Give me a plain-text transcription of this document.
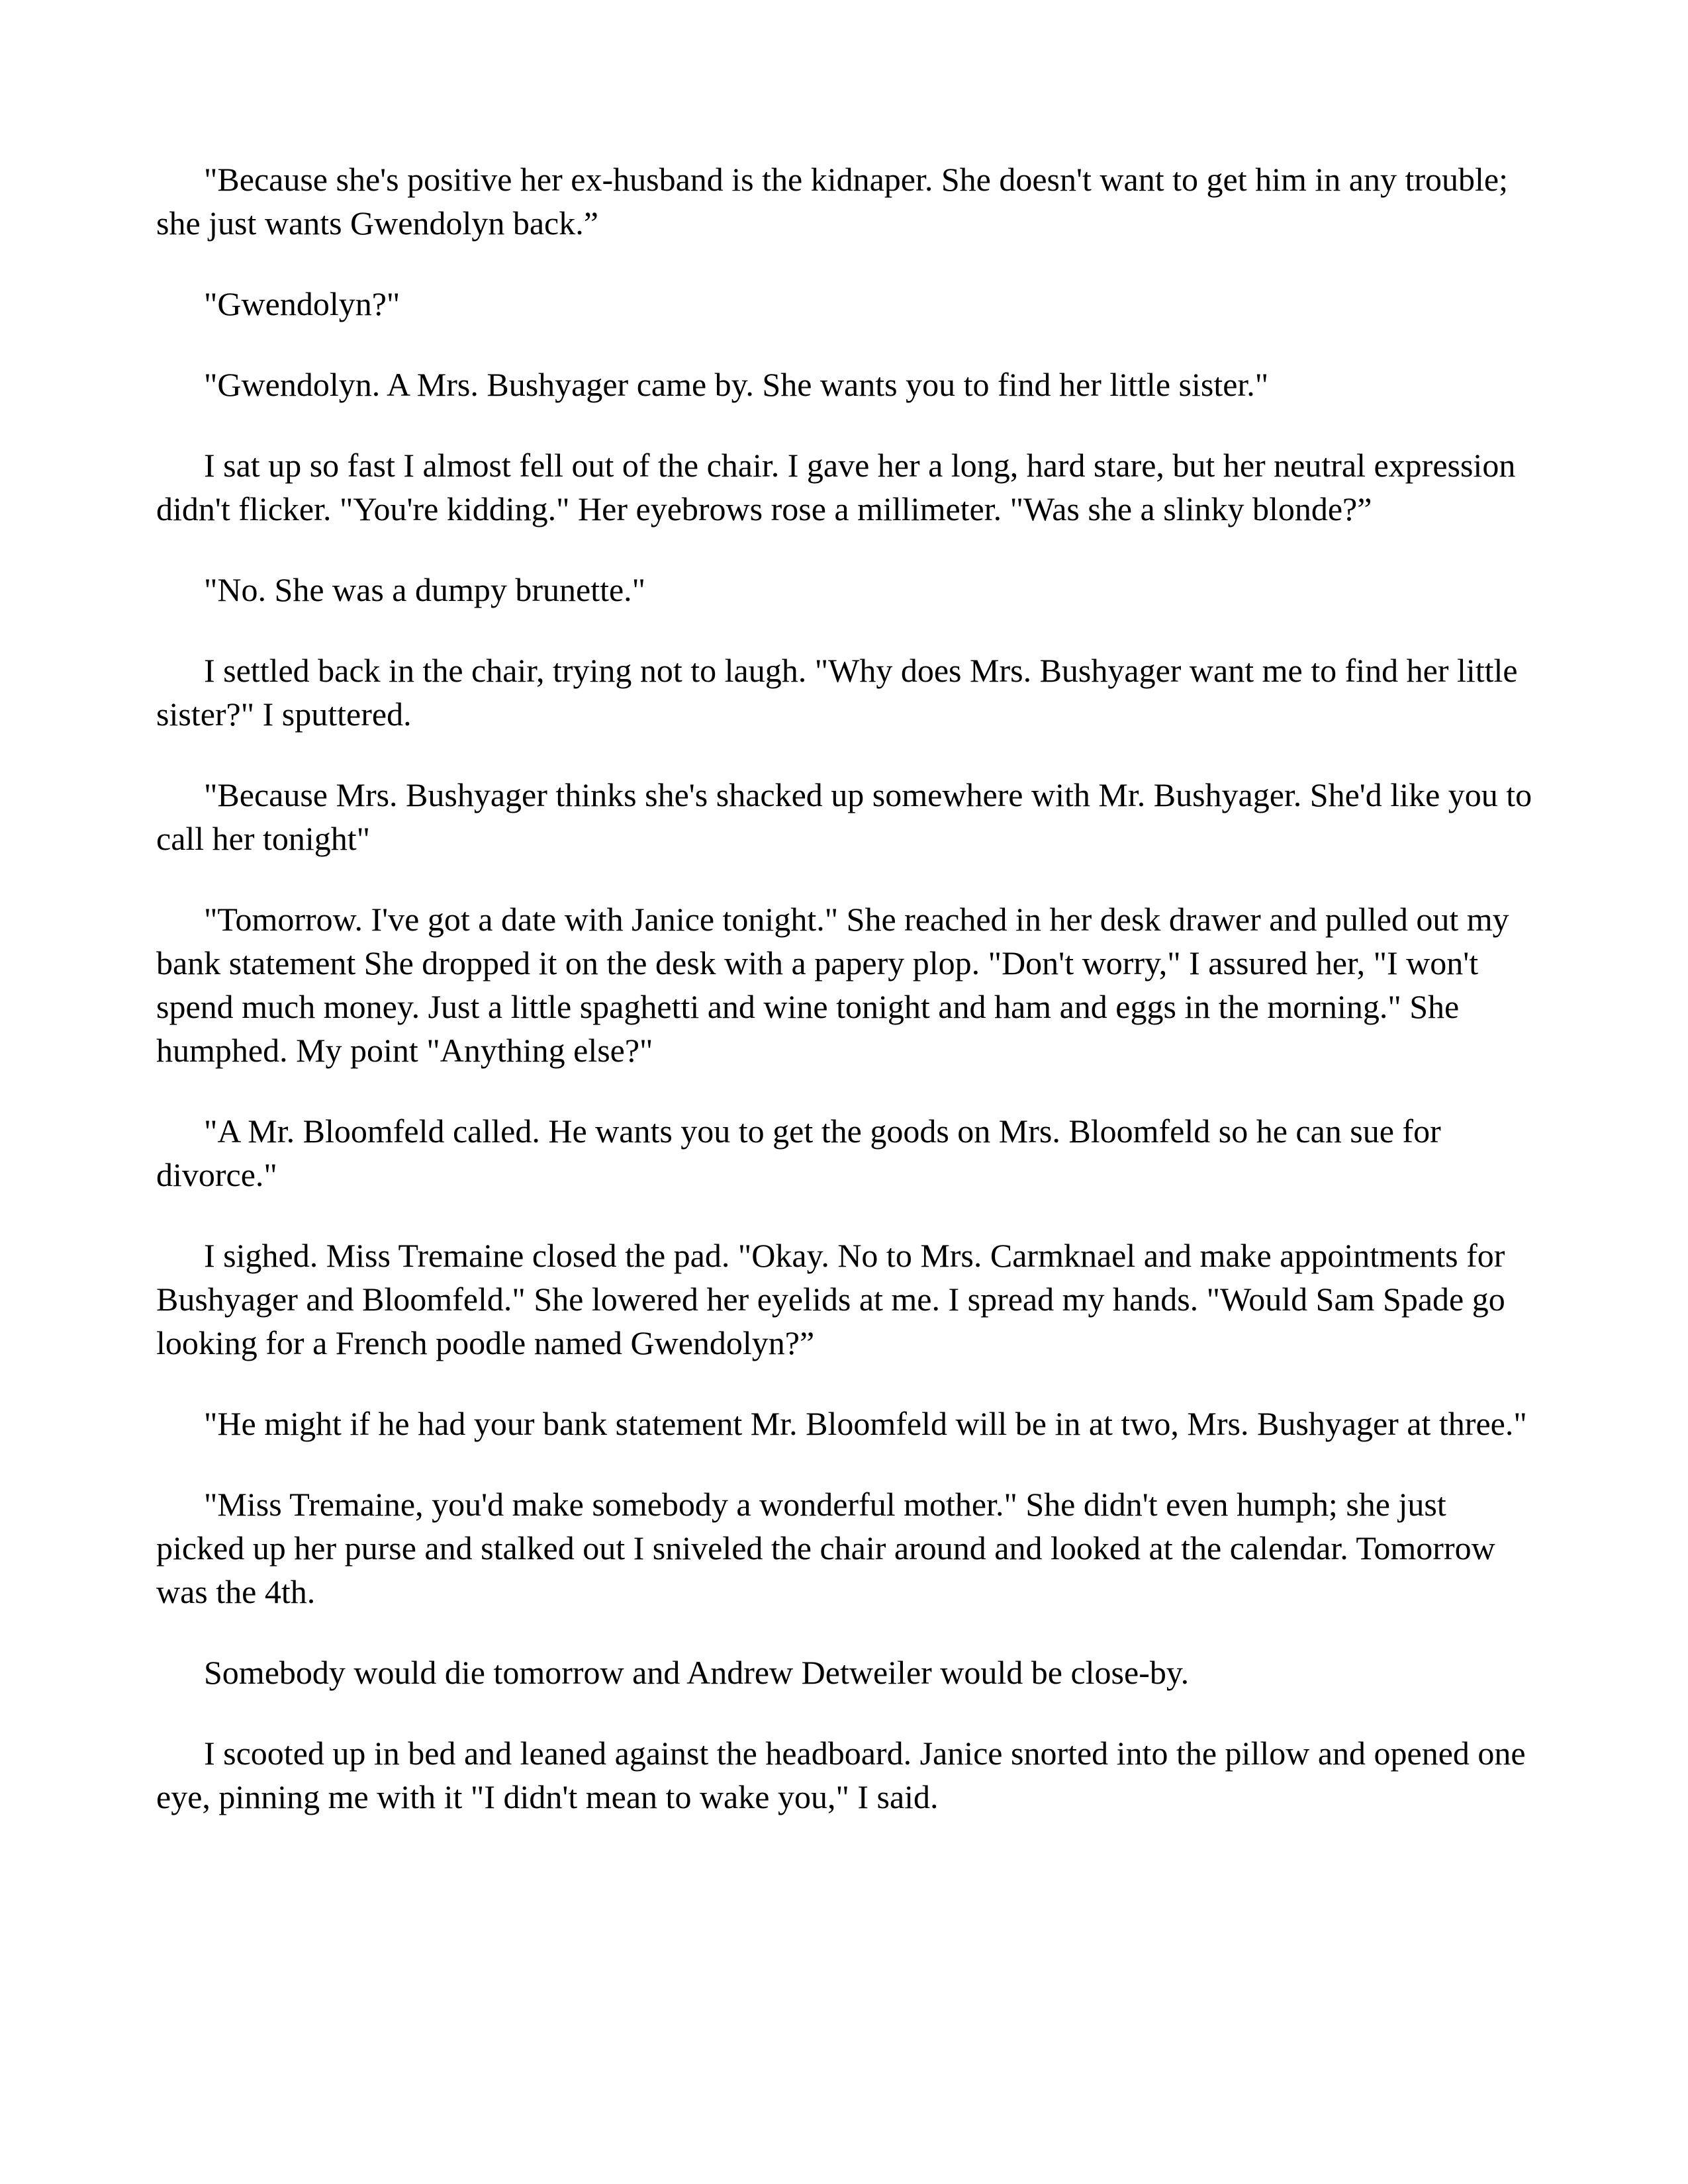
"Because she's positive her ex-husband is the kidnaper. She doesn't want to get him in any trouble; she just wants Gwendolyn back.”

"Gwendolyn?"

"Gwendolyn. A Mrs. Bushyager came by. She wants you to find her little sister."

I sat up so fast I almost fell out of the chair. I gave her a long, hard stare, but her neutral expression didn't flicker. "You're kidding." Her eyebrows rose a millimeter. "Was she a slinky blonde?”

"No. She was a dumpy brunette."

I settled back in the chair, trying not to laugh. "Why does Mrs. Bushyager want me to find her little sister?" I sputtered.

"Because Mrs. Bushyager thinks she's shacked up somewhere with Mr. Bushyager. She'd like you to call her tonight"

"Tomorrow. I've got a date with Janice tonight." She reached in her desk drawer and pulled out my bank statement She dropped it on the desk with a papery plop. "Don't worry," I assured her, "I won't spend much money. Just a little spaghetti and wine tonight and ham and eggs in the morning." She humphed. My point "Anything else?"

"A Mr. Bloomfeld called. He wants you to get the goods on Mrs. Bloomfeld so he can sue for divorce."

I sighed. Miss Tremaine closed the pad. "Okay. No to Mrs. Carmknael and make appointments for Bushyager and Bloomfeld." She lowered her eyelids at me. I spread my hands. "Would Sam Spade go looking for a French poodle named Gwendolyn?”

"He might if he had your bank statement Mr. Bloomfeld will be in at two, Mrs. Bushyager at three."

"Miss Tremaine, you'd make somebody a wonderful mother." She didn't even humph; she just picked up her purse and stalked out I sniveled the chair around and looked at the calendar. Tomorrow was the 4th.

Somebody would die tomorrow and Andrew Detweiler would be close-by.

I scooted up in bed and leaned against the headboard. Janice snorted into the pillow and opened one eye, pinning me with it "I didn't mean to wake you," I said.
